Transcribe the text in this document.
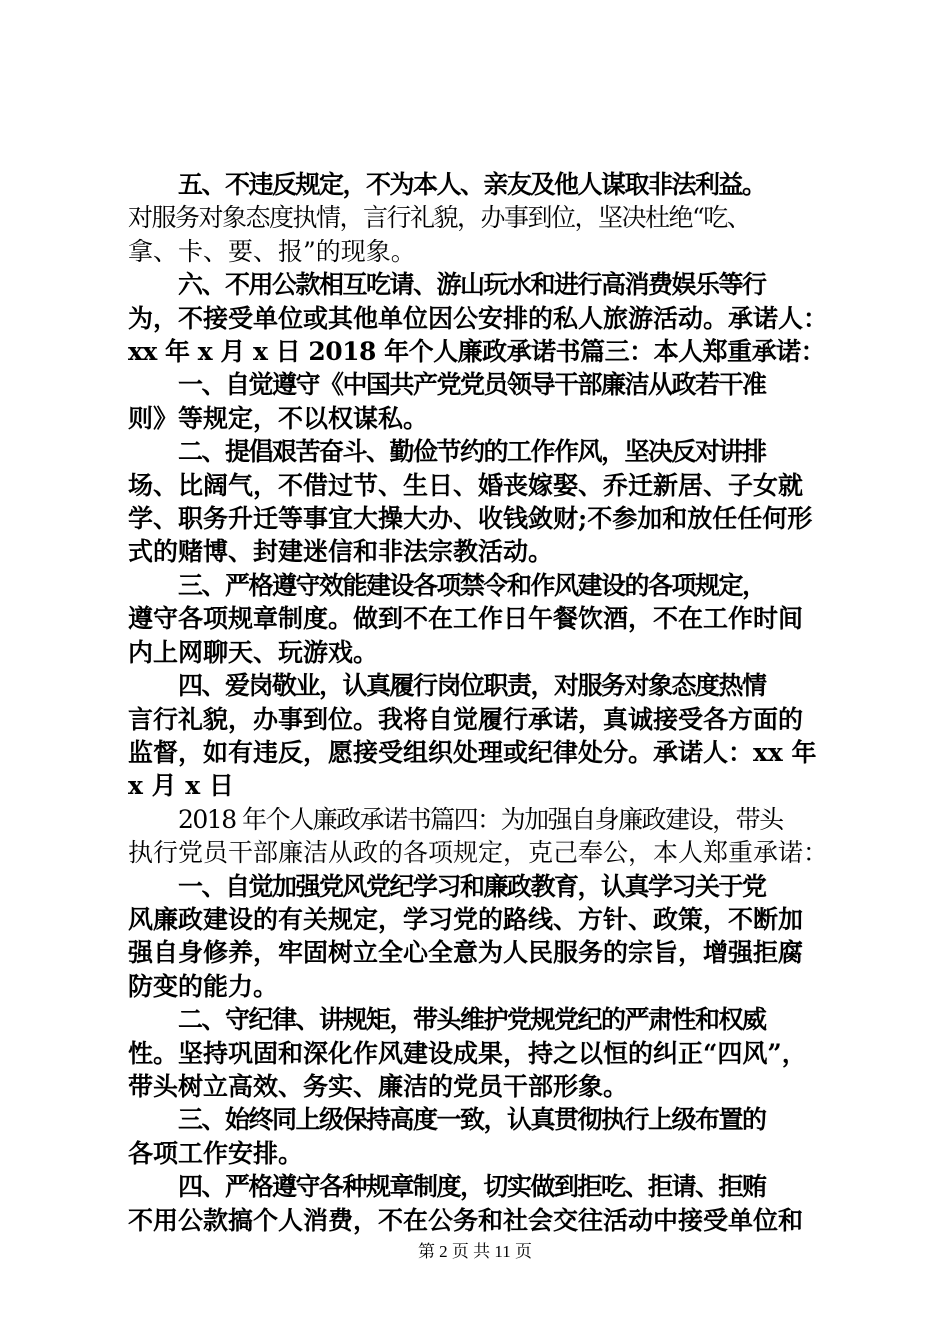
五、不违反规定，不为本人、亲友及他人谋取非法利益。

对服务对象态度执情，言行礼貌，办事到位，坚决杜绝“吃、
拿、卡、要、报”的现象。

六、不用公款相互吃请、游山玩水和进行高消费娱乐等行
为，不接受单位或其他单位因公安排的私人旅游活动。承诺人：
xx 年 x 月 x 日 2018 年个人廉政承诺书篇三：本人郑重承诺：

一、自觉遵守《中国共产党党员领导干部廉洁从政若干准
则》等规定，不以权谋私。

二、提倡艰苦奋斗、勤俭节约的工作作风，坚决反对讲排
场、比阔气，不借过节、生日、婚丧嫁娶、乔迁新居、子女就
学、职务升迁等事宜大操大办、收钱敛财;不参加和放任任何形
式的赌博、封建迷信和非法宗教活动。

三、严格遵守效能建设各项禁令和作风建设的各项规定，
遵守各项规章制度。做到不在工作日午餐饮酒，不在工作时间
内上网聊天、玩游戏。

四、爱岗敬业，认真履行岗位职责，对服务对象态度热情
言行礼貌，办事到位。我将自觉履行承诺，真诚接受各方面的
监督，如有违反，愿接受组织处理或纪律处分。承诺人：xx 年
x 月 x 日

2018 年个人廉政承诺书篇四：为加强自身廉政建设，带头
执行党员干部廉洁从政的各项规定，克己奉公，本人郑重承诺：

一、自觉加强党风党纪学习和廉政教育，认真学习关于党
风廉政建设的有关规定，学习党的路线、方针、政策，不断加
强自身修养，牢固树立全心全意为人民服务的宗旨，增强拒腐
防变的能力。

二、守纪律、讲规矩，带头维护党规党纪的严肃性和权威
性。坚持巩固和深化作风建设成果，持之以恒的纠正“四风”，
带头树立高效、务实、廉洁的党员干部形象。

三、始终同上级保持高度一致，认真贯彻执行上级布置的
各项工作安排。

四、严格遵守各种规章制度，切实做到拒吃、拒请、拒贿
不用公款搞个人消费，不在公务和社会交往活动中接受单位和

第 2 页 共 11 页
